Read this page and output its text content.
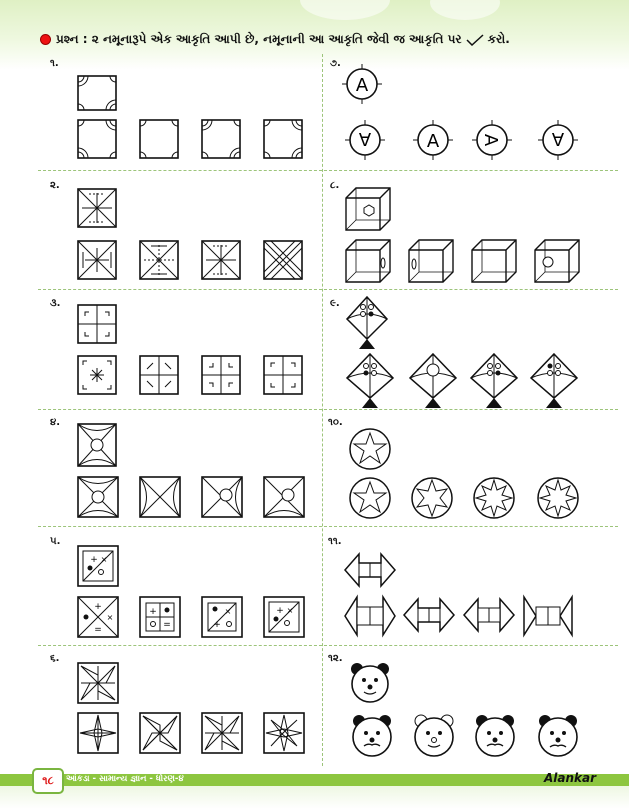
પ્રશ્ન : ૨ નમૂનારૂપે એક આકૃતિ આપી છે, નમૂનાની આ આકૃતિ જેવી જ આકૃતિ પર કરો.
૧.
૨.
૩.
૪.
૫.
૬.
૭.
૮.
૯.
૧૦.
૧૧.
૧૨.
+ ×
+
×
=
+
=
×
+
+ ×
A
A	A A	A
૧૮	આંકડા - સામાન્ય જ્ઞાન - ધોરણ-૪	Alankar
